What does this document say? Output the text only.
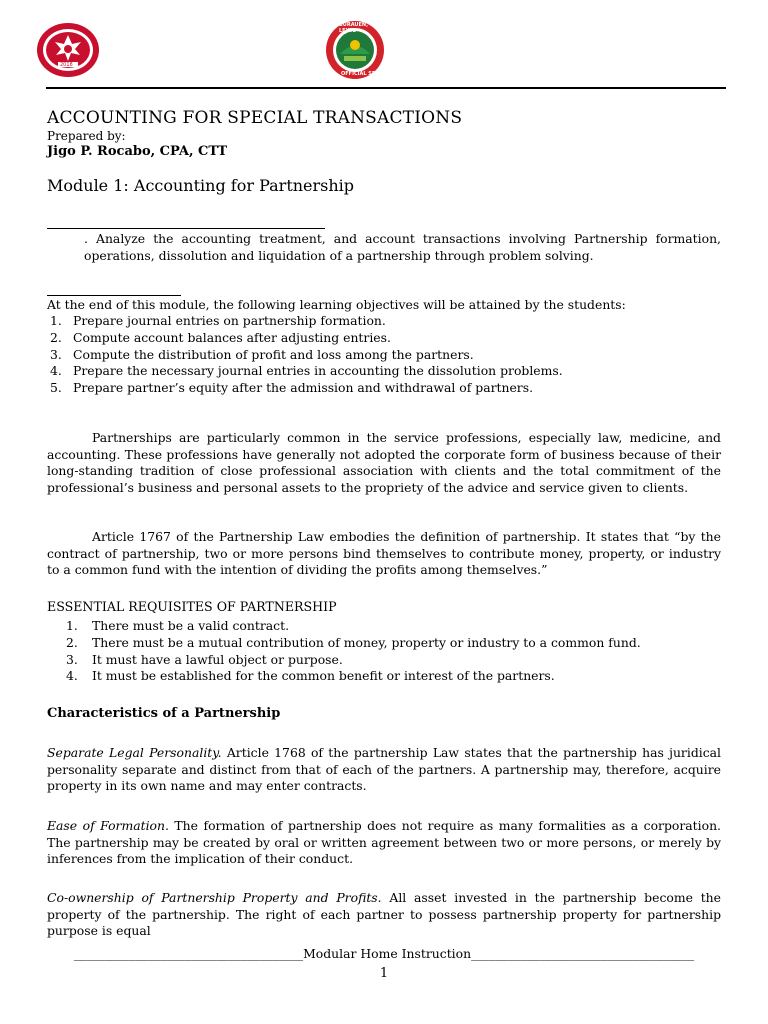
2018
BURAUEN, LEYTE
OFFICIAL SEAL
ACCOUNTING FOR SPECIAL TRANSACTIONS
Prepared by:
Jigo P. Rocabo, CPA, CTT
Module 1: Accounting for Partnership
. Analyze the accounting treatment, and account transactions involving Partnership formation, operations, dissolution and liquidation of a partnership through problem solving.
At the end of this module, the following learning objectives will be attained by the students:
1. Prepare journal entries on partnership formation.
2. Compute account balances after adjusting entries.
3. Compute the distribution of profit and loss among the partners.
4. Prepare the necessary journal entries in accounting the dissolution problems.
5. Prepare partner’s equity after the admission and withdrawal of partners.
Partnerships are particularly common in the service professions, especially law, medicine, and accounting. These professions have generally not adopted the corporate form of business because of their long-standing tradition of close professional association with clients and the total commitment of the professional’s business and personal assets to the propriety of the advice and service given to clients.
Article 1767 of the Partnership Law embodies the definition of partnership. It states that “by the contract of partnership, two or more persons bind themselves to contribute money, property, or industry to a common fund with the intention of dividing the profits among themselves.”
ESSENTIAL REQUISITES OF PARTNERSHIP
1. There must be a valid contract.
2. There must be a mutual contribution of money, property or industry to a common fund.
3. It must have a lawful object or purpose.
4. It must be established for the common benefit or interest of the partners.
Characteristics of a Partnership
Separate Legal Personality. Article 1768 of the partnership Law states that the partnership has juridical personality separate and distinct from that of each of the partners. A partnership may, therefore, acquire property in its own name and may enter contracts.
Ease of Formation. The formation of partnership does not require as many formalities as a corporation. The partnership may be created by oral or written agreement between two or more persons, or merely by inferences from the implication of their conduct.
Co-ownership of Partnership Property and Profits. All asset invested in the partnership become the property of the partnership. The right of each partner to possess partnership property for partnership purpose is equal
_____________________________________Modular Home Instruction____________________________________
1
